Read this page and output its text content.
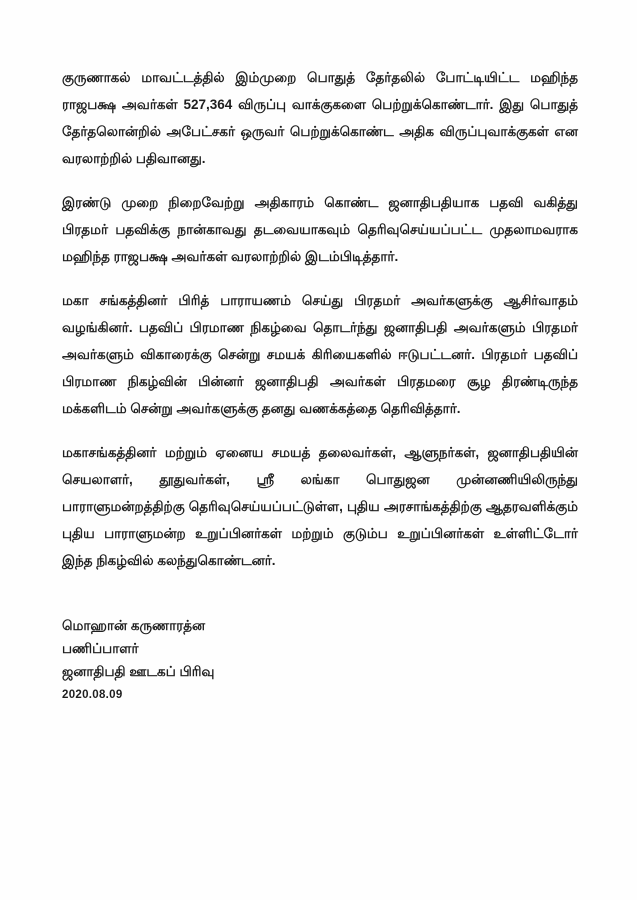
குருணாகல் மாவட்டத்தில் இம்முறை பொதுத் தேர்தலில் போட்டியிட்ட மஹிந்த ராஜபக்ஷ அவர்கள் 527,364 விருப்பு வாக்குகளை பெற்றுக்கொண்டார். இது பொதுத் தேர்தலொன்றில் அபேட்சகர் ஒருவர் பெற்றுக்கொண்ட அதிக விருப்புவாக்குகள் என வரலாற்றில் பதிவானது.

இரண்டு முறை நிறைவேற்று அதிகாரம் கொண்ட ஜனாதிபதியாக பதவி வகித்து பிரதமர் பதவிக்கு நான்காவது தடவையாகவும் தெரிவுசெய்யப்பட்ட முதலாமவராக மஹிந்த ராஜபக்ஷ அவர்கள் வரலாற்றில் இடம்பிடித்தார்.

மகா சங்கத்தினர் பிரித் பாராயணம் செய்து பிரதமர் அவர்களுக்கு ஆசிர்வாதம் வழங்கினர். பதவிப் பிரமாண நிகழ்வை தொடர்ந்து ஜனாதிபதி அவர்களும் பிரதமர் அவர்களும் விகாரைக்கு சென்று சமயக் கிரியைகளில் ஈடுபட்டனர். பிரதமர் பதவிப் பிரமாண நிகழ்வின் பின்னர் ஜனாதிபதி அவர்கள் பிரதமரை சூழ திரண்டிருந்த மக்களிடம் சென்று அவர்களுக்கு தனது வணக்கத்தை தெரிவித்தார்.

மகாசங்கத்தினர் மற்றும் ஏனைய சமயத் தலைவர்கள், ஆளுநர்கள், ஜனாதிபதியின் செயலாளர், தூதுவர்கள், ஸ்ரீ லங்கா பொதுஜன முன்னணியிலிருந்து பாராளுமன்றத்திற்கு தெரிவுசெய்யப்பட்டுள்ள, புதிய அரசாங்கத்திற்கு ஆதரவளிக்கும் புதிய பாராளுமன்ற உறுப்பினர்கள் மற்றும் குடும்ப உறுப்பினர்கள் உள்ளிட்டோர் இந்த நிகழ்வில் கலந்துகொண்டனர்.

மொஹான் கருணாரத்ன
பணிப்பாளர்
ஜனாதிபதி ஊடகப் பிரிவு
2020.08.09
